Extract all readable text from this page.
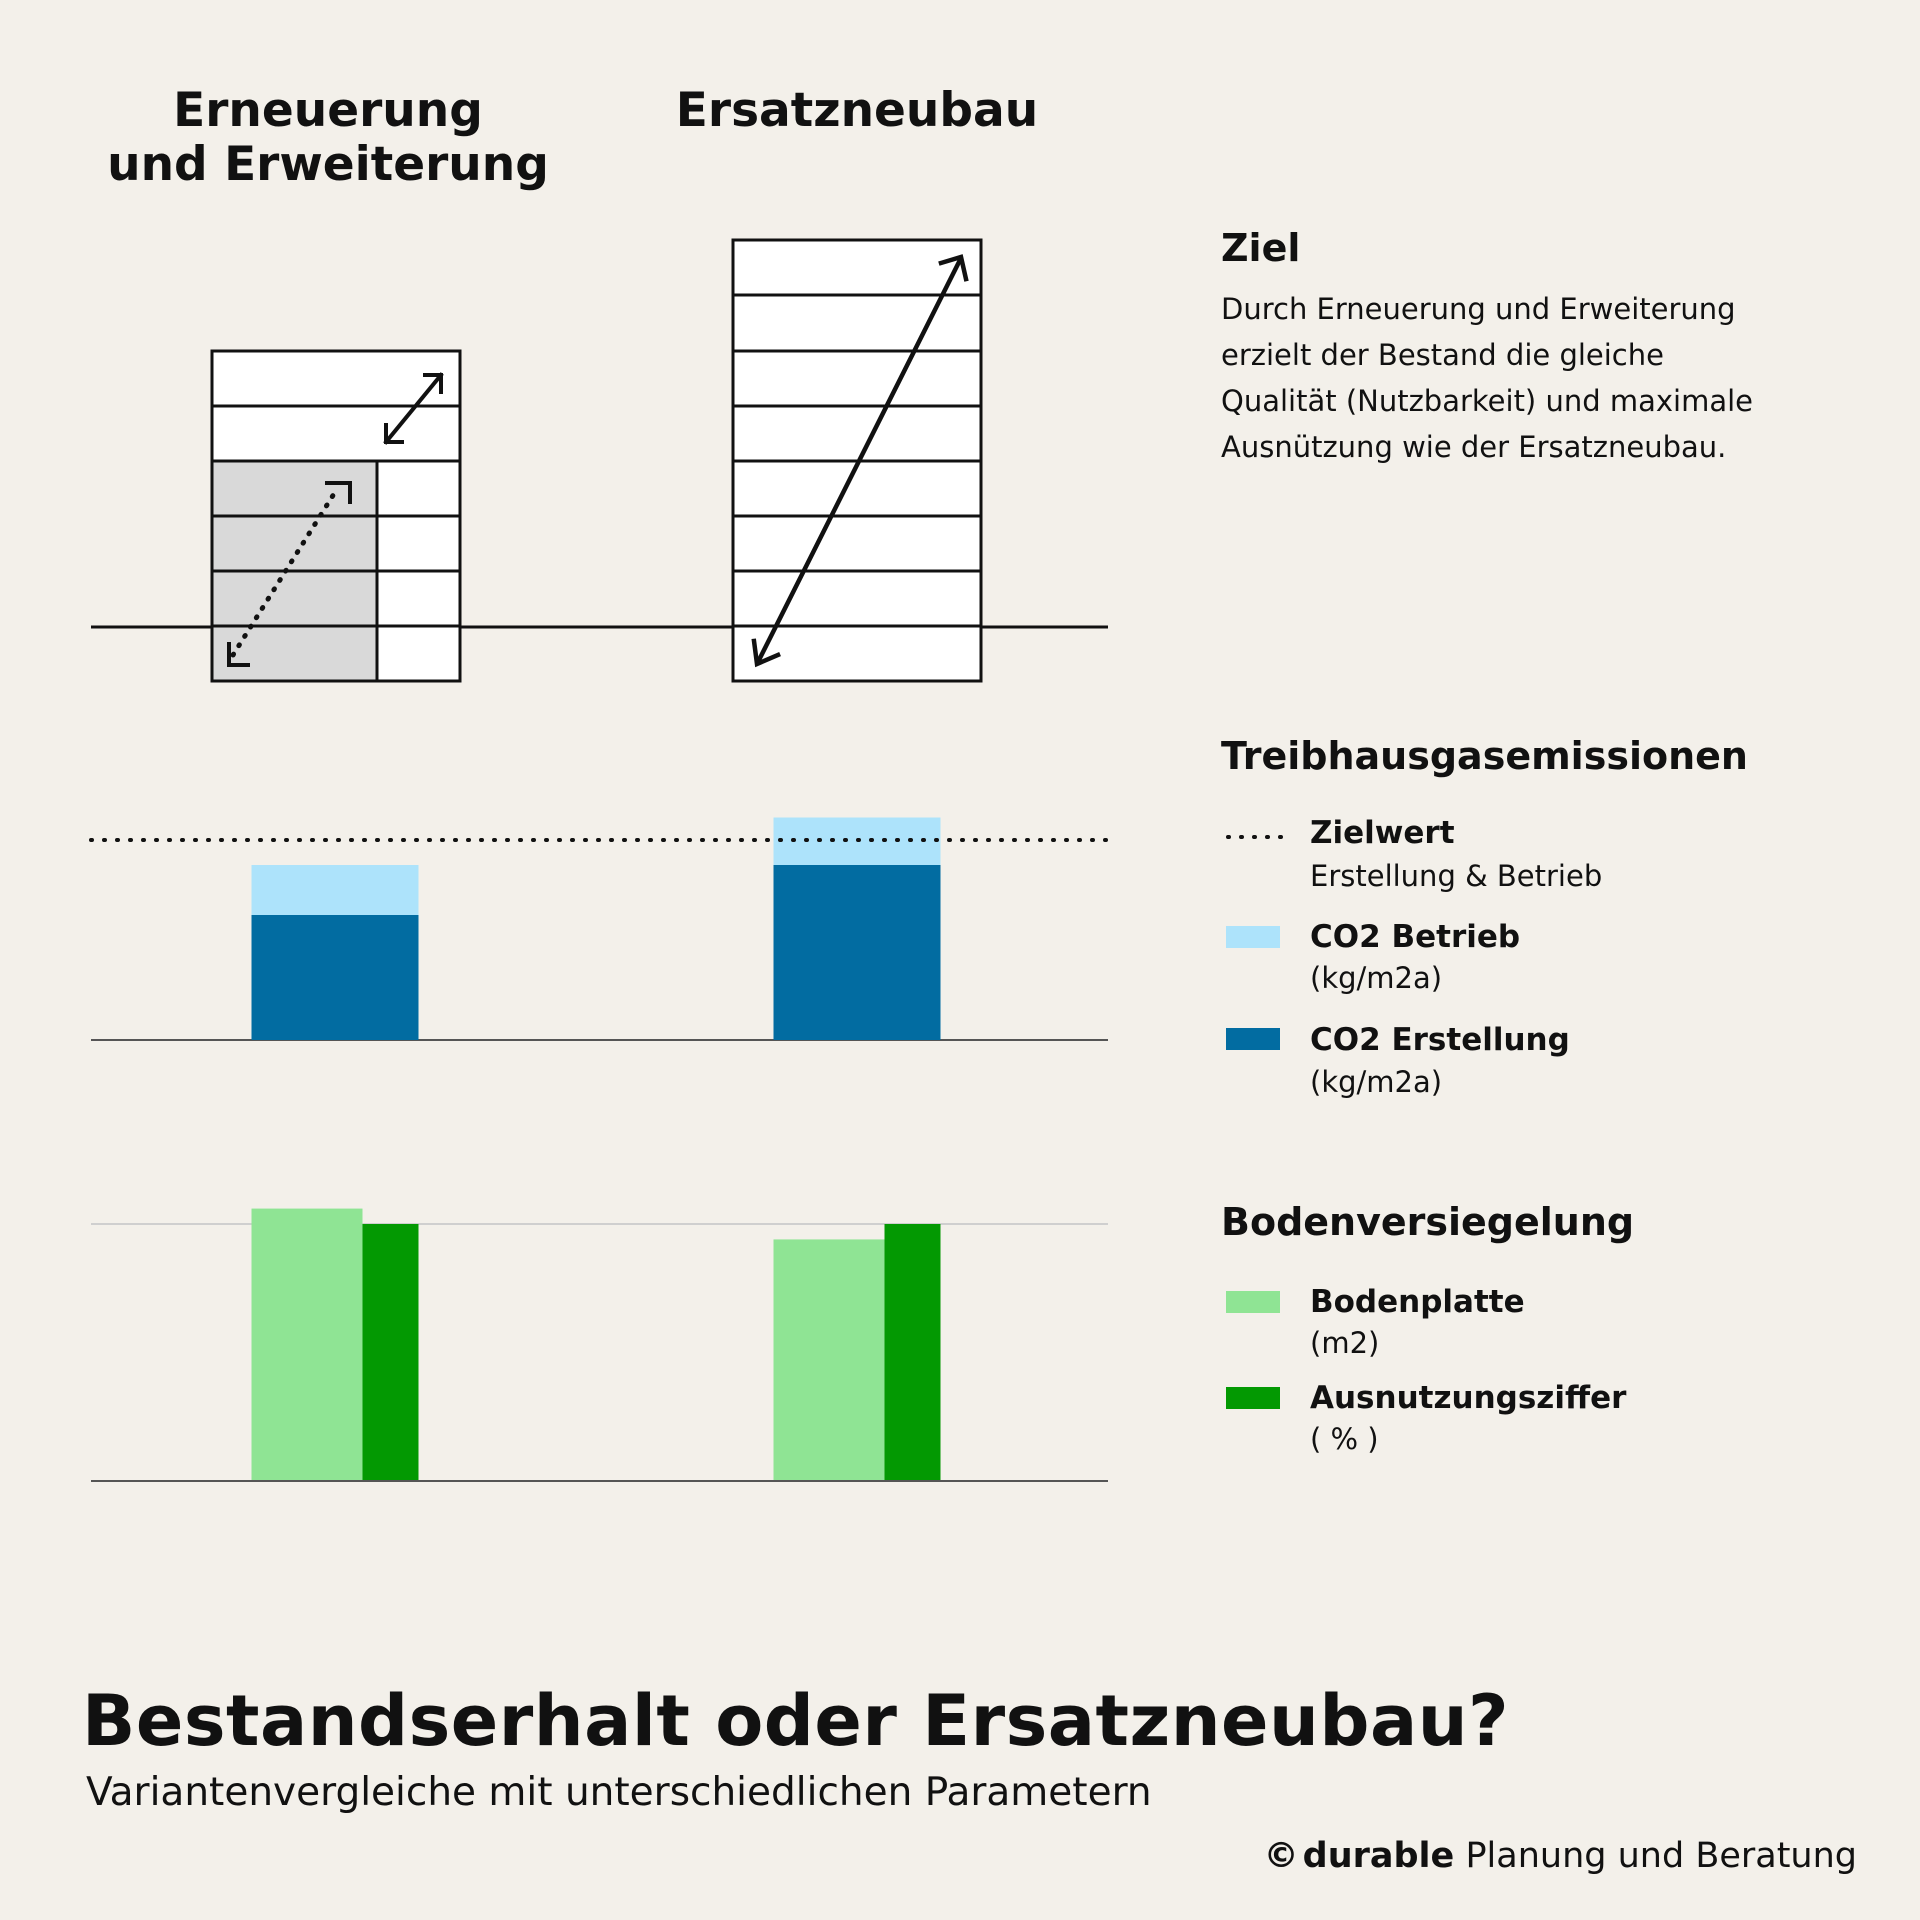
Erneuerung
und Erweiterung
Ersatzneubau
Ziel
Durch Erneuerung und Erweiterung
erzielt der Bestand die gleiche
Qualität (Nutzbarkeit) und maximale
Ausnützung wie der Ersatzneubau.
Treibhausgasemissionen
Zielwert
Erstellung & Betrieb
CO2 Betrieb
(kg/m2a)
CO2 Erstellung
(kg/m2a)
Bodenversiegelung
Bodenplatte
(m2)
Ausnutzungsziffer
( % )
Bestandserhalt oder Ersatzneubau?
Variantenvergleiche mit unterschiedlichen Parametern
© durable Planung und Beratung
